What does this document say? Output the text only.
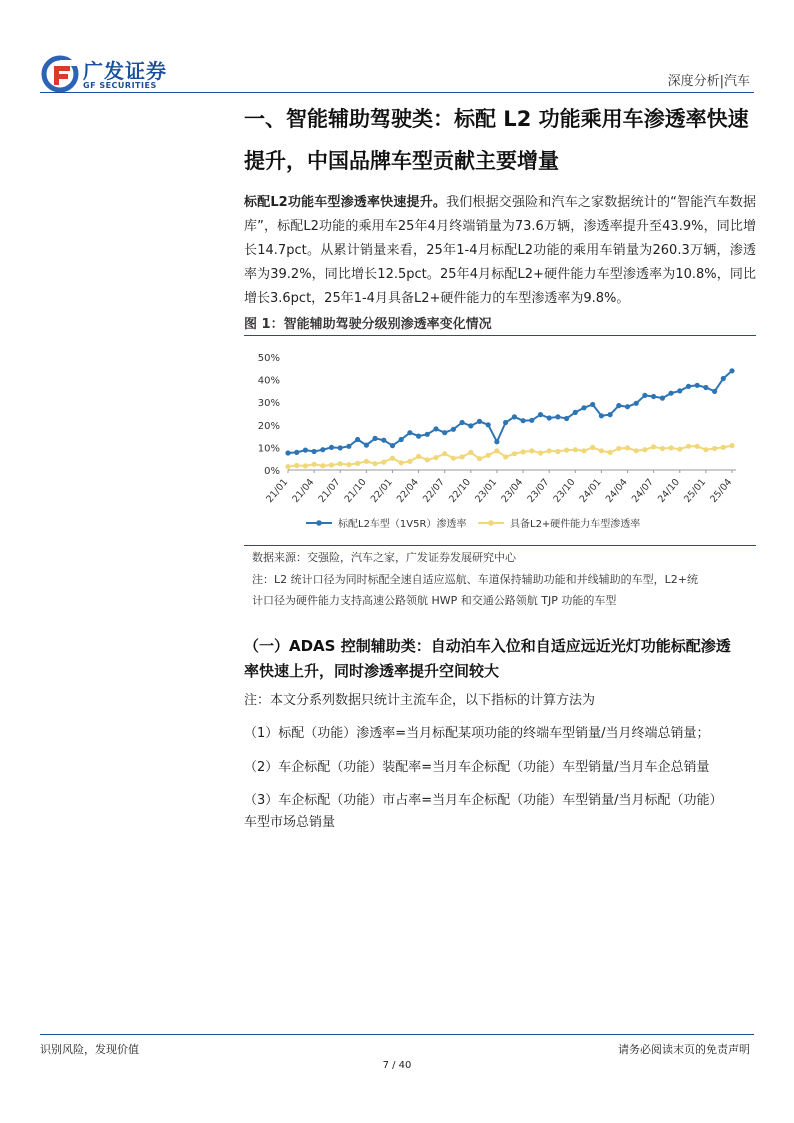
广发证券
GF SECURITIES	深度分析|汽车
一、智能辅助驾驶类：标配 L2 功能乘用车渗透率快速
提升，中国品牌车型贡献主要增量
标配L2功能车型渗透率快速提升。我们根据交强险和汽车之家数据统计的“智能汽车数据库”，标配L2功能的乘用车25年4月终端销量为73.6万辆，渗透率提升至43.9%，同比增长14.7pct。从累计销量来看，25年1-4月标配L2功能的乘用车销量为260.3万辆，渗透率为39.2%，同比增长12.5pct。25年4月标配L2+硬件能力车型渗透率为10.8%，同比增长3.6pct，25年1-4月具备L2+硬件能力的车型渗透率为9.8%。
图 1：智能辅助驾驶分级别渗透率变化情况
50%
40%
30%
20%
10%
0%
21/01 21/04 21/07 21/10 22/01 22/04 22/07 22/10 23/01 23/04 23/07 23/10 24/01 24/04 24/07 24/10 25/01 25/04
标配L2车型（1V5R）渗透率	具备L2+硬件能力车型渗透率
数据来源：交强险，汽车之家，广发证券发展研究中心
注：L2 统计口径为同时标配全速自适应巡航、车道保持辅助功能和并线辅助的车型，L2+统
计口径为硬件能力支持高速公路领航 HWP 和交通公路领航 TJP 功能的车型
（一）ADAS 控制辅助类：自动泊车入位和自适应远近光灯功能标配渗透
率快速上升，同时渗透率提升空间较大
注：本文分系列数据只统计主流车企，以下指标的计算方法为
（1）标配（功能）渗透率=当月标配某项功能的终端车型销量/当月终端总销量；
（2）车企标配（功能）装配率=当月车企标配（功能）车型销量/当月车企总销量
（3）车企标配（功能）市占率=当月车企标配（功能）车型销量/当月标配（功能）
车型市场总销量
识别风险，发现价值	请务必阅读末页的免责声明
7 / 40
